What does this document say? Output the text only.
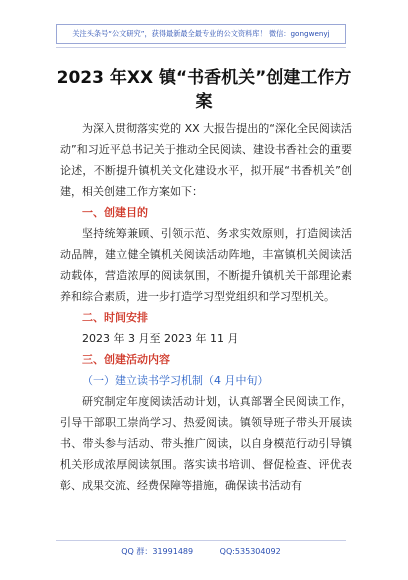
关注头条号“公文研究”，获得最新最全最专业的公文资料库！ 微信：gongwenyj
2023 年XX 镇“书香机关”创建工作方
案

为深入贯彻落实党的 XX 大报告提出的“深化全民阅读活动”和习近平总书记关于推动全民阅读、建设书香社会的重要论述，不断提升镇机关文化建设水平，拟开展“书香机关”创建，相关创建工作方案如下：

一、创建目的

坚持统筹兼顾、引领示范、务求实效原则，打造阅读活动品牌，建立健全镇机关阅读活动阵地，丰富镇机关阅读活动载体，营造浓厚的阅读氛围，不断提升镇机关干部理论素养和综合素质，进一步打造学习型党组织和学习型机关。

二、时间安排

2023 年 3 月至 2023 年 11 月

三、创建活动内容

（一）建立读书学习机制（4 月中旬）

研究制定年度阅读活动计划，认真部署全民阅读工作，引导干部职工崇尚学习、热爱阅读。镇领导班子带头开展读书、带头参与活动、带头推广阅读，以自身模范行动引导镇机关形成浓厚阅读氛围。落实读书培训、督促检查、评优表彰、成果交流、经费保障等措施，确保读书活动有

QQ 群：31991489	QQ:535304092
